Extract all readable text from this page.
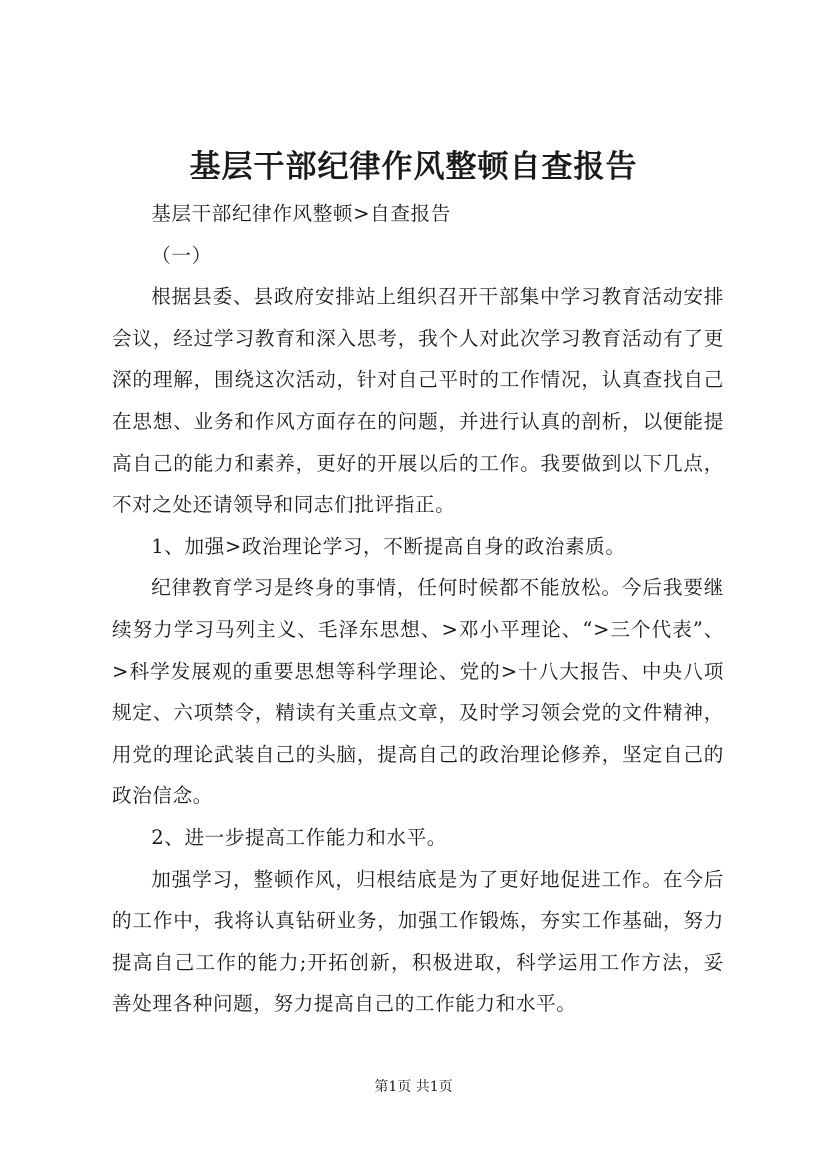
基层干部纪律作风整顿自查报告

基层干部纪律作风整顿>自查报告

（一）

根据县委、县政府安排站上组织召开干部集中学习教育活动安排会议，经过学习教育和深入思考，我个人对此次学习教育活动有了更深的理解，围绕这次活动，针对自己平时的工作情况，认真查找自己在思想、业务和作风方面存在的问题，并进行认真的剖析，以便能提高自己的能力和素养，更好的开展以后的工作。我要做到以下几点，不对之处还请领导和同志们批评指正。

1、加强>政治理论学习，不断提高自身的政治素质。

纪律教育学习是终身的事情，任何时候都不能放松。今后我要继续努力学习马列主义、毛泽东思想、>邓小平理论、“>三个代表”、>科学发展观的重要思想等科学理论、党的>十八大报告、中央八项规定、六项禁令，精读有关重点文章，及时学习领会党的文件精神，用党的理论武装自己的头脑，提高自己的政治理论修养，坚定自己的政治信念。

2、进一步提高工作能力和水平。

加强学习，整顿作风，归根结底是为了更好地促进工作。在今后的工作中，我将认真钻研业务，加强工作锻炼，夯实工作基础，努力提高自己工作的能力;开拓创新，积极进取，科学运用工作方法，妥善处理各种问题，努力提高自己的工作能力和水平。

第1页 共1页
